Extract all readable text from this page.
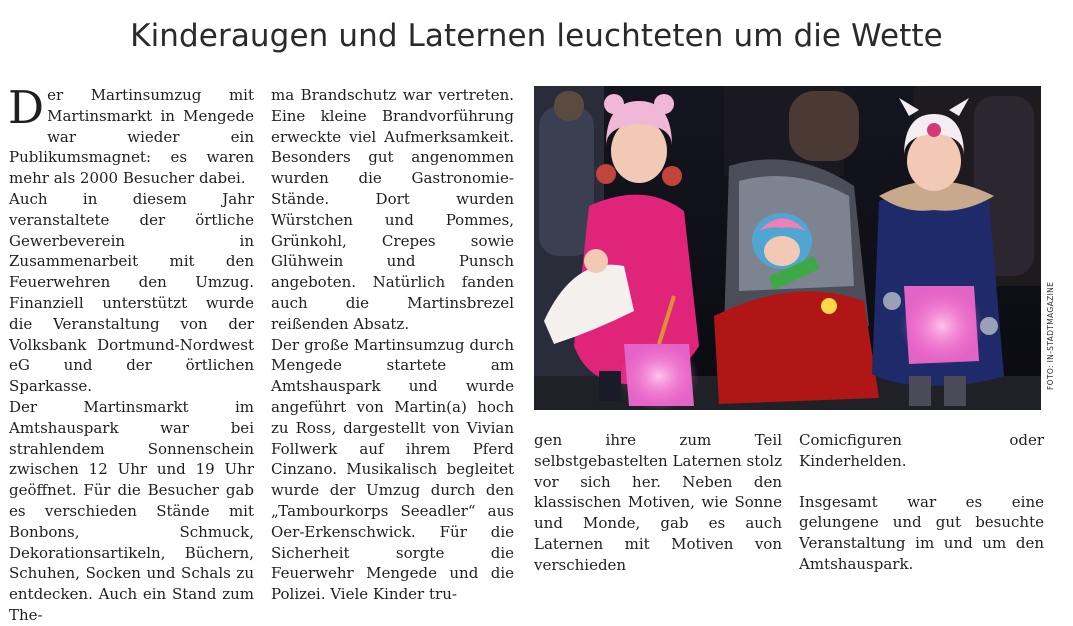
Kinderaugen und Laternen leuchteten um die Wette

Der Martinsumzug mit Martinsmarkt in Mengede war wieder ein Publikumsmagnet: es waren mehr als 2000 Besucher dabei.

Auch in diesem Jahr veranstaltete der örtliche Gewerbeverein in Zusammenarbeit mit den Feuerwehren den Umzug. Finanziell unterstützt wurde die Veranstaltung von der Volksbank Dortmund-Nordwest eG und der örtlichen Sparkasse.

Der Martinsmarkt im Amtshauspark war bei strahlendem Sonnenschein zwischen 12 Uhr und 19 Uhr geöffnet. Für die Besucher gab es verschieden Stände mit Bonbons, Schmuck, Dekorationsartikeln, Büchern, Schuhen, Socken und Schals zu entdecken. Auch ein Stand zum The-

ma Brandschutz war vertreten. Eine kleine Brandvorführung erweckte viel Aufmerksamkeit. Besonders gut angenommen wurden die Gastronomie-Stände. Dort wurden Würstchen und Pommes, Grünkohl, Crepes sowie Glühwein und Punsch angeboten. Natürlich fanden auch die Martinsbrezel reißenden Absatz.

Der große Martinsumzug durch Mengede startete am Amtshauspark und wurde angeführt von Martin(a) hoch zu Ross, dargestellt von Vivian Follwerk auf ihrem Pferd Cinzano. Musikalisch begleitet wurde der Umzug durch den „Tambourkorps Seeadler“ aus Oer-Erkenschwick. Für die Sicherheit sorgte die Feuerwehr Mengede und die Polizei. Viele Kinder tru-

FOTO: IN-STADTMAGAZINE

gen ihre zum Teil selbstgebastelten Laternen stolz vor sich her. Neben den klassischen Motiven, wie Sonne und Monde, gab es auch Laternen mit Motiven von verschieden

Comicfiguren oder Kinderhelden.

Insgesamt war es eine gelungene und gut besuchte Veranstaltung im und um den Amtshauspark.
